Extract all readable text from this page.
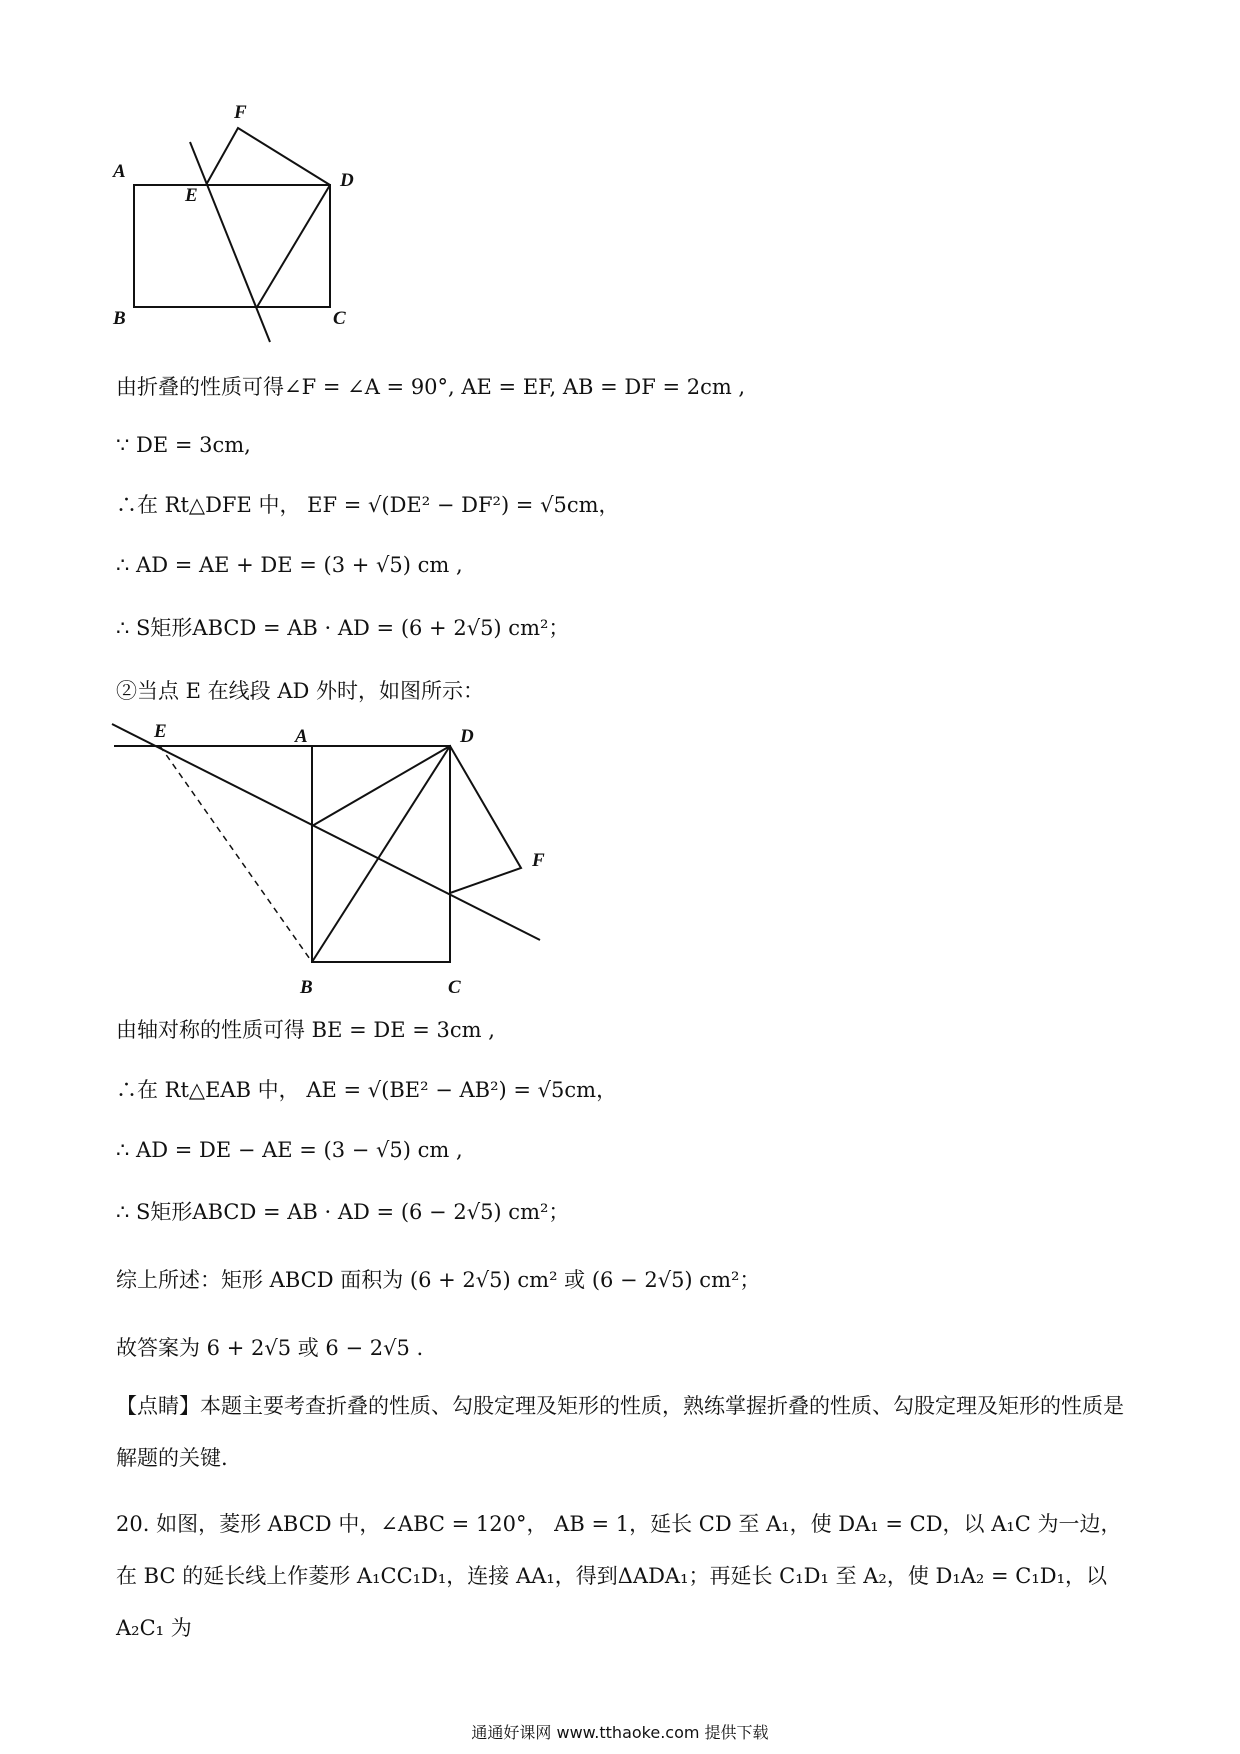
A
B	C
D
E
F
E	A	D
F
B	C
由折叠的性质可得∠F = ∠A = 90°, AE = EF, AB = DF = 2cm ,
∵ DE = 3cm,
∴在 Rt△DFE 中， EF = √(DE² − DF²) = √5cm，
∴ AD = AE + DE = (3 + √5) cm ,
∴ S矩形ABCD = AB · AD = (6 + 2√5) cm²；
②当点 E 在线段 AD 外时，如图所示：
由轴对称的性质可得 BE = DE = 3cm ,
∴在 Rt△EAB 中， AE = √(BE² − AB²) = √5cm，
∴ AD = DE − AE = (3 − √5) cm ,
∴ S矩形ABCD = AB · AD = (6 − 2√5) cm²；
综上所述：矩形 ABCD 面积为 (6 + 2√5) cm² 或 (6 − 2√5) cm²；
故答案为 6 + 2√5 或 6 − 2√5 .
【点睛】本题主要考查折叠的性质、勾股定理及矩形的性质，熟练掌握折叠的性质、勾股定理及矩形的性质是解题的关键.
20. 如图，菱形 ABCD 中，∠ABC = 120°， AB = 1，延长 CD 至 A₁，使 DA₁ = CD，以 A₁C 为一边，在 BC 的延长线上作菱形 A₁CC₁D₁，连接 AA₁，得到ΔADA₁；再延长 C₁D₁ 至 A₂，使 D₁A₂ = C₁D₁，以 A₂C₁ 为
通通好课网 www.tthaoke.com 提供下载
